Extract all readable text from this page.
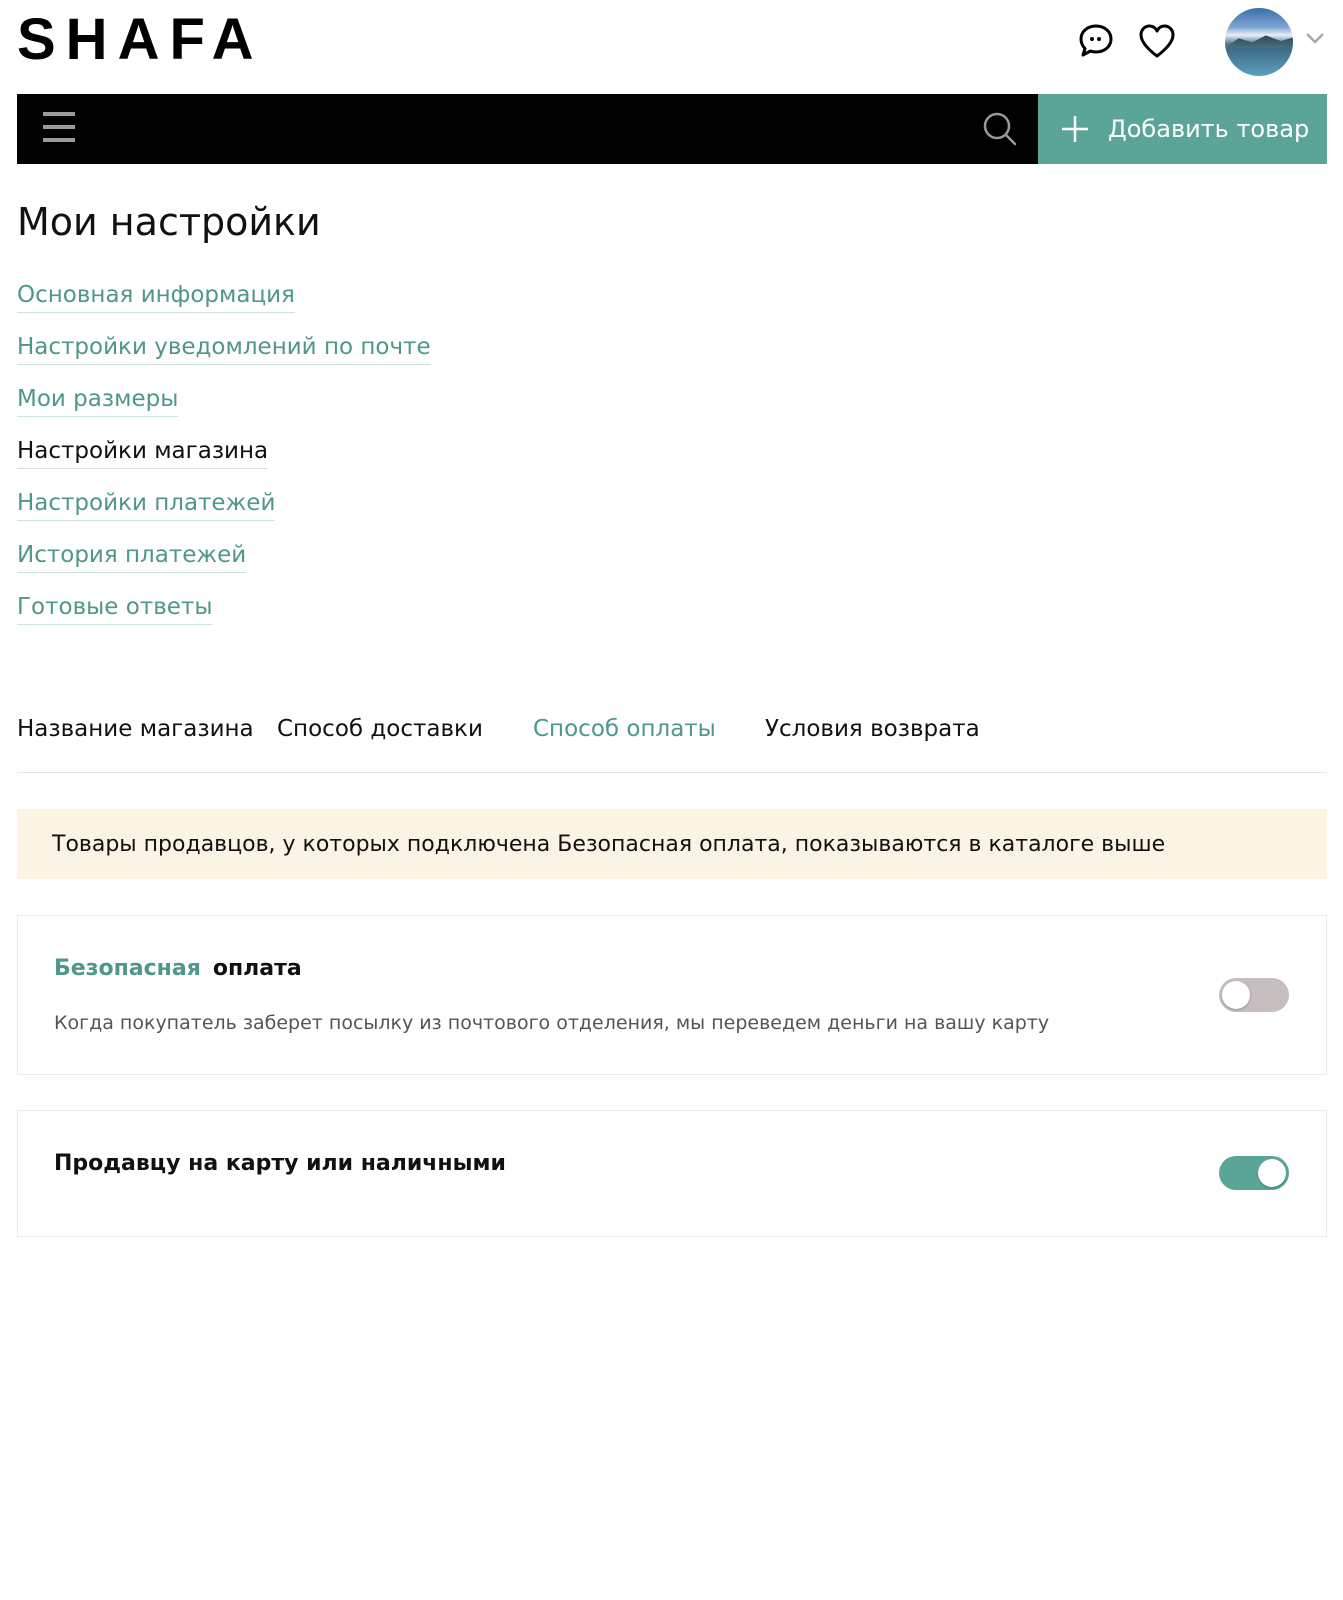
SHAFA
Добавить товар
Мои настройки
Основная информация
Настройки уведомлений по почте
Мои размеры
Настройки магазина
Настройки платежей
История платежей
Готовые ответы
Название магазина Способ доставки Способ оплаты Условия возврата
Товары продавцов, у которых подключена Безопасная оплата, показываются в каталоге выше
Безопасная оплата
Когда покупатель заберет посылку из почтового отделения, мы переведем деньги на вашу карту
Продавцу на карту или наличными
